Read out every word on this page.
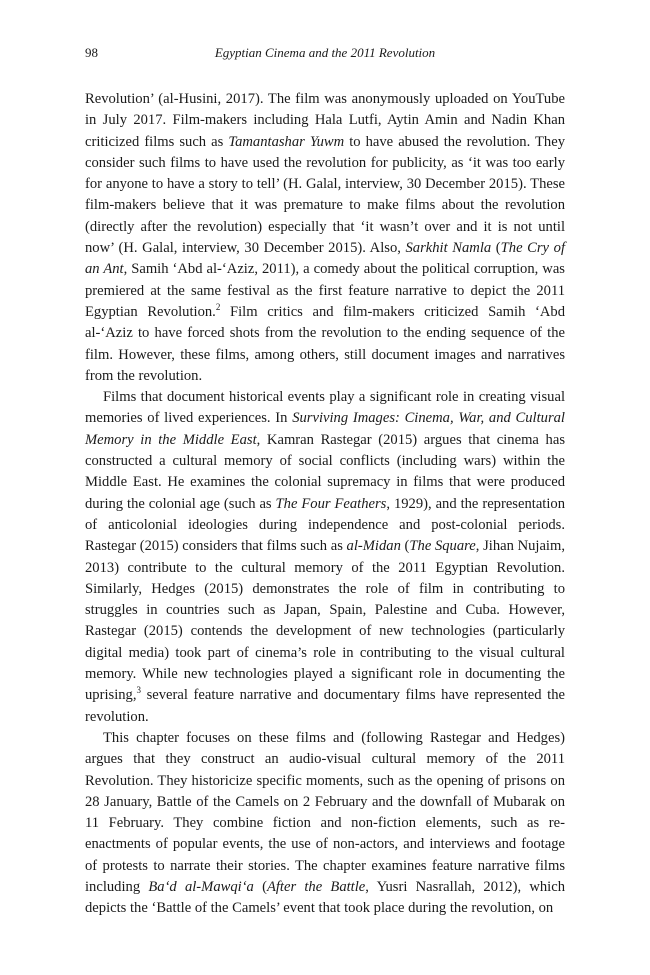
98	Egyptian Cinema and the 2011 Revolution

Revolution’ (al-Husini, 2017). The film was anonymously uploaded on YouTube in July 2017. Film-makers including Hala Lutfi, Aytin Amin and Nadin Khan criticized films such as Tamantashar Yuwm to have abused the revolution. They consider such films to have used the revolution for publicity, as ‘it was too early for anyone to have a story to tell’ (H. Galal, interview, 30 December 2015). These film-makers believe that it was premature to make films about the revolution (directly after the revolution) especially that ‘it wasn’t over and it is not until now’ (H. Galal, interview, 30 December 2015). Also, Sarkhit Namla (The Cry of an Ant, Samih ‘Abd al-‘Aziz, 2011), a comedy about the political corruption, was premiered at the same festival as the first feature narrative to depict the 2011 Egyptian Revolution.$^2$ Film critics and film-makers criticized Samih ‘Abd al-‘Aziz to have forced shots from the revolution to the ending sequence of the film. However, these films, among others, still document images and narratives from the revolution.

Films that document historical events play a significant role in creating visual memories of lived experiences. In Surviving Images: Cinema, War, and Cultural Memory in the Middle East, Kamran Rastegar (2015) argues that cinema has constructed a cultural memory of social conflicts (including wars) within the Middle East. He examines the colonial supremacy in films that were produced during the colonial age (such as The Four Feathers, 1929), and the representation of anticolonial ideologies during independence and post-colonial periods. Rastegar (2015) considers that films such as al-Midan (The Square, Jihan Nujaim, 2013) contribute to the cultural memory of the 2011 Egyptian Revolution. Similarly, Hedges (2015) demonstrates the role of film in contributing to struggles in countries such as Japan, Spain, Palestine and Cuba. However, Rastegar (2015) contends the development of new technologies (particularly digital media) took part of cinema’s role in contributing to the visual cultural memory. While new technologies played a significant role in documenting the uprising,$^3$ several feature narrative and documentary films have represented the revolution.

This chapter focuses on these films and (following Rastegar and Hedges) argues that they construct an audio-visual cultural memory of the 2011 Revolution. They historicize specific moments, such as the opening of prisons on 28 January, Battle of the Camels on 2 February and the downfall of Mubarak on 11 February. They combine fiction and non-fiction elements, such as re-enactments of popular events, the use of non-actors, and interviews and footage of protests to narrate their stories. The chapter examines feature narrative films including Ba‘d al-Mawqi‘a (After the Battle, Yusri Nasrallah, 2012), which depicts the ‘Battle of the Camels’ event that took place during the revolution, on
